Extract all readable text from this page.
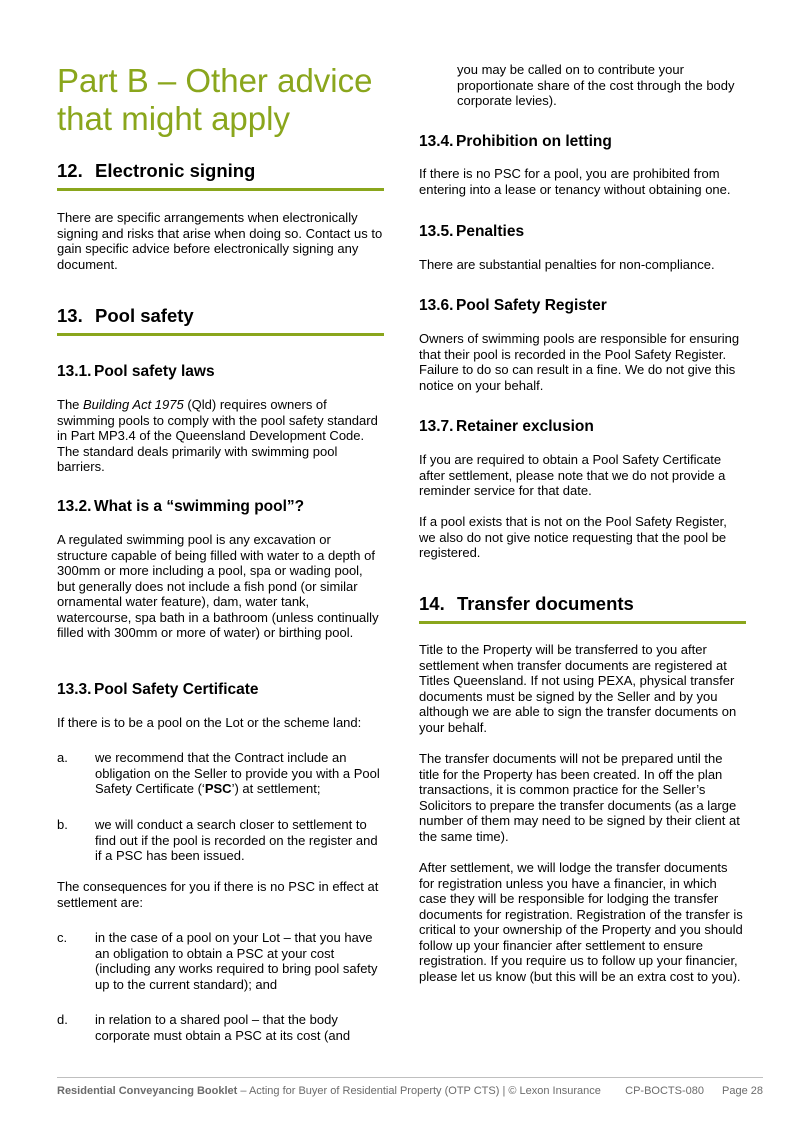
Part B – Other advice that might apply
12. Electronic signing

There are specific arrangements when electronically signing and risks that arise when doing so. Contact us to gain specific advice before electronically signing any document.

13. Pool safety
13.1. Pool safety laws

The Building Act 1975 (Qld) requires owners of swimming pools to comply with the pool safety standard in Part MP3.4 of the Queensland Development Code. The standard deals primarily with swimming pool barriers.

13.2. What is a “swimming pool”?

A regulated swimming pool is any excavation or structure capable of being filled with water to a depth of 300mm or more including a pool, spa or wading pool, but generally does not include a fish pond (or similar ornamental water feature), dam, water tank, watercourse, spa bath in a bathroom (unless continually filled with 300mm or more of water) or birthing pool.

13.3. Pool Safety Certificate

If there is to be a pool on the Lot or the scheme land:

a.	we recommend that the Contract include an obligation on the Seller to provide you with a Pool Safety Certificate (‘PSC’) at settlement;
b.	we will conduct a search closer to settlement to find out if the pool is recorded on the register and if a PSC has been issued.

The consequences for you if there is no PSC in effect at settlement are:

c.	in the case of a pool on your Lot – that you have an obligation to obtain a PSC at your cost (including any works required to bring pool safety up to the current standard); and
d.	in relation to a shared pool – that the body corporate must obtain a PSC at its cost (and

you may be called on to contribute your proportionate share of the cost through the body corporate levies).

13.4. Prohibition on letting

If there is no PSC for a pool, you are prohibited from entering into a lease or tenancy without obtaining one.

13.5. Penalties

There are substantial penalties for non-compliance.

13.6. Pool Safety Register

Owners of swimming pools are responsible for ensuring that their pool is recorded in the Pool Safety Register. Failure to do so can result in a fine. We do not give this notice on your behalf.

13.7. Retainer exclusion

If you are required to obtain a Pool Safety Certificate after settlement, please note that we do not provide a reminder service for that date.

If a pool exists that is not on the Pool Safety Register, we also do not give notice requesting that the pool be registered.

14. Transfer documents

Title to the Property will be transferred to you after settlement when transfer documents are registered at Titles Queensland. If not using PEXA, physical transfer documents must be signed by the Seller and by you although we are able to sign the transfer documents on your behalf.

The transfer documents will not be prepared until the title for the Property has been created. In off the plan transactions, it is common practice for the Seller’s Solicitors to prepare the transfer documents (as a large number of them may need to be signed by their client at the same time).

After settlement, we will lodge the transfer documents for registration unless you have a financier, in which case they will be responsible for lodging the transfer documents for registration. Registration of the transfer is critical to your ownership of the Property and you should follow up your financier after settlement to ensure registration. If you require us to follow up your financier, please let us know (but this will be an extra cost to you).

Residential Conveyancing Booklet – Acting for Buyer of Residential Property (OTP CTS) | © Lexon Insurance CP-BOCTS-080 Page 28
